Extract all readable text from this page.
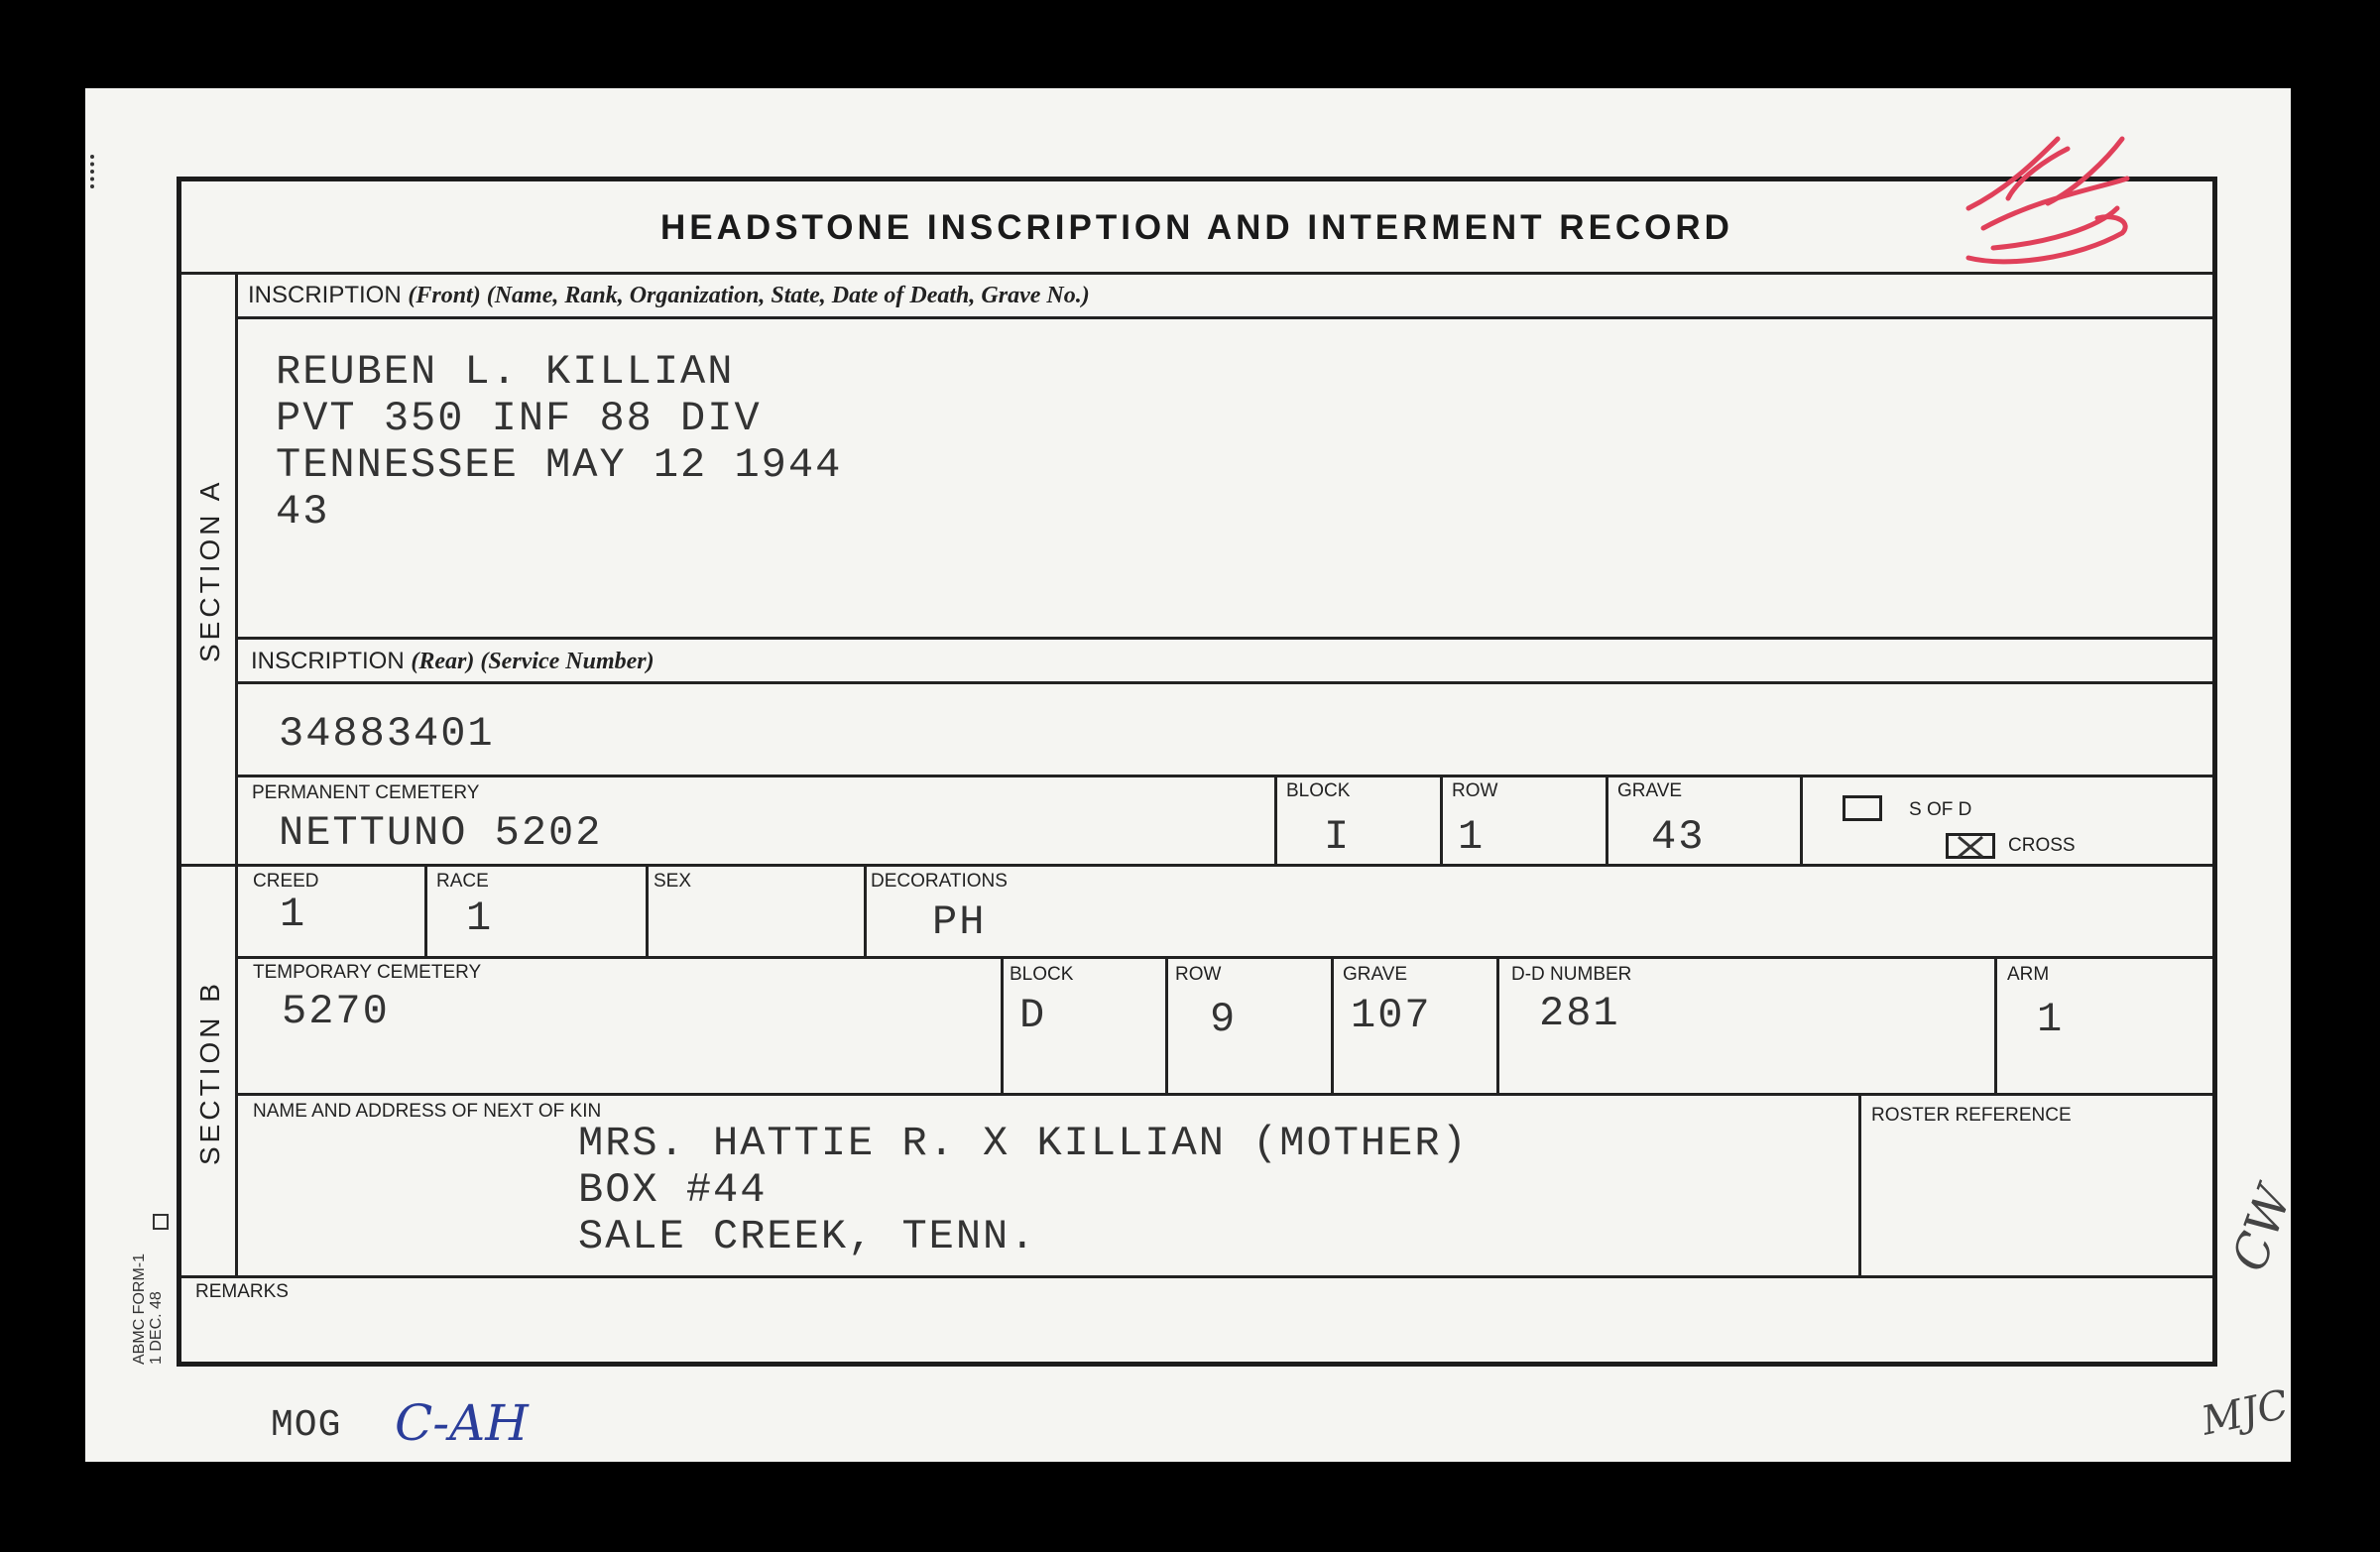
HEADSTONE INSCRIPTION AND INTERMENT RECORD
SECTION A
SECTION B
ABMC FORM-1 1 DEC. 48
INSCRIPTION (Front) (Name, Rank, Organization, State, Date of Death, Grave No.)
REUBEN L. KILLIAN
PVT 350 INF 88 DIV
TENNESSEE MAY 12 1944
43
INSCRIPTION (Rear) (Service Number)
34883401
PERMANENT CEMETERY
NETTUNO 5202
BLOCK
I
ROW
1
GRAVE
43
S OF D
CROSS
CREED
1
RACE
1
SEX	DECORATIONS
PH
TEMPORARY CEMETERY
5270
BLOCK
D
ROW
9
GRAVE
107
D-D NUMBER
281
ARM
1
NAME AND ADDRESS OF NEXT OF KIN
MRS. HATTIE R. X KILLIAN (MOTHER)
BOX #44
SALE CREEK, TENN.
ROSTER REFERENCE
REMARKS
MOG C-AH	MJC
CW
